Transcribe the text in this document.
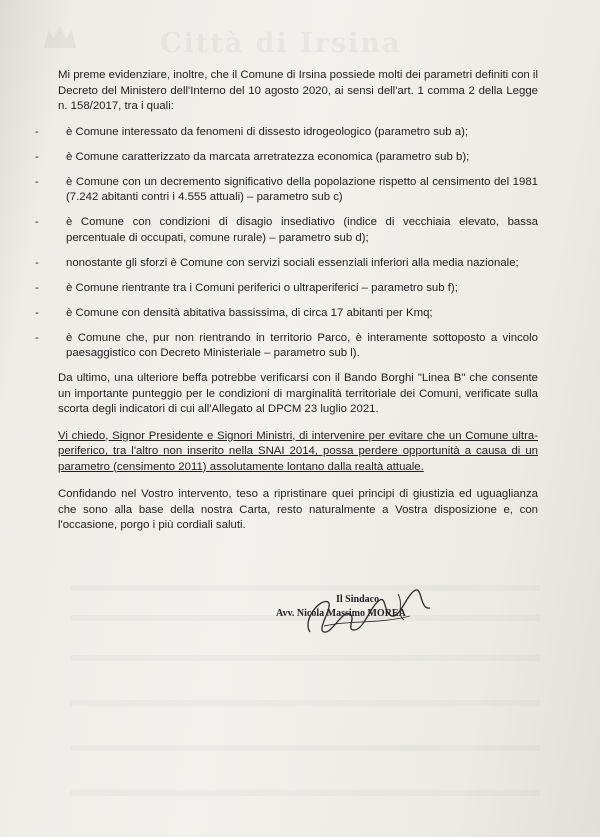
Città di Irsina

Mi preme evidenziare, inoltre, che il Comune di Irsina possiede molti dei parametri definiti con il Decreto del Ministero dell'Interno del 10 agosto 2020, ai sensi dell'art. 1 comma 2 della Legge n. 158/2017, tra i quali:

- è Comune interessato da fenomeni di dissesto idrogeologico (parametro sub a);
- è Comune caratterizzato da marcata arretratezza economica (parametro sub b);
- è Comune con un decremento significativo della popolazione rispetto al censimento del 1981 (7.242 abitanti contri i 4.555 attuali) – parametro sub c)
- è Comune con condizioni di disagio insediativo (indice di vecchiaia elevato, bassa percentuale di occupati, comune rurale) – parametro sub d);
- nonostante gli sforzi è Comune con servizi sociali essenziali inferiori alla media nazionale;
- è Comune rientrante tra i Comuni periferici o ultraperiferici – parametro sub f);
- è Comune con densità abitativa bassissima, di circa 17 abitanti per Kmq;
- è Comune che, pur non rientrando in territorio Parco, è interamente sottoposto a vincolo paesaggistico con Decreto Ministeriale – parametro sub l).

Da ultimo, una ulteriore beffa potrebbe verificarsi con il Bando Borghi "Linea B" che consente un importante punteggio per le condizioni di marginalità territoriale dei Comuni, verificate sulla scorta degli indicatori di cui all'Allegato al DPCM 23 luglio 2021.

Vi chiedo, Signor Presidente e Signori Ministri, di intervenire per evitare che un Comune ultra-periferico, tra l'altro non inserito nella SNAI 2014, possa perdere opportunità a causa di un parametro (censimento 2011) assolutamente lontano dalla realtà attuale.

Confidando nel Vostro intervento, teso a ripristinare quei principi di giustizia ed uguaglianza che sono alla base della nostra Carta, resto naturalmente a Vostra disposizione e, con l'occasione, porgo i più cordiali saluti.

Il Sindaco
Avv. Nicola Massimo MOREA
